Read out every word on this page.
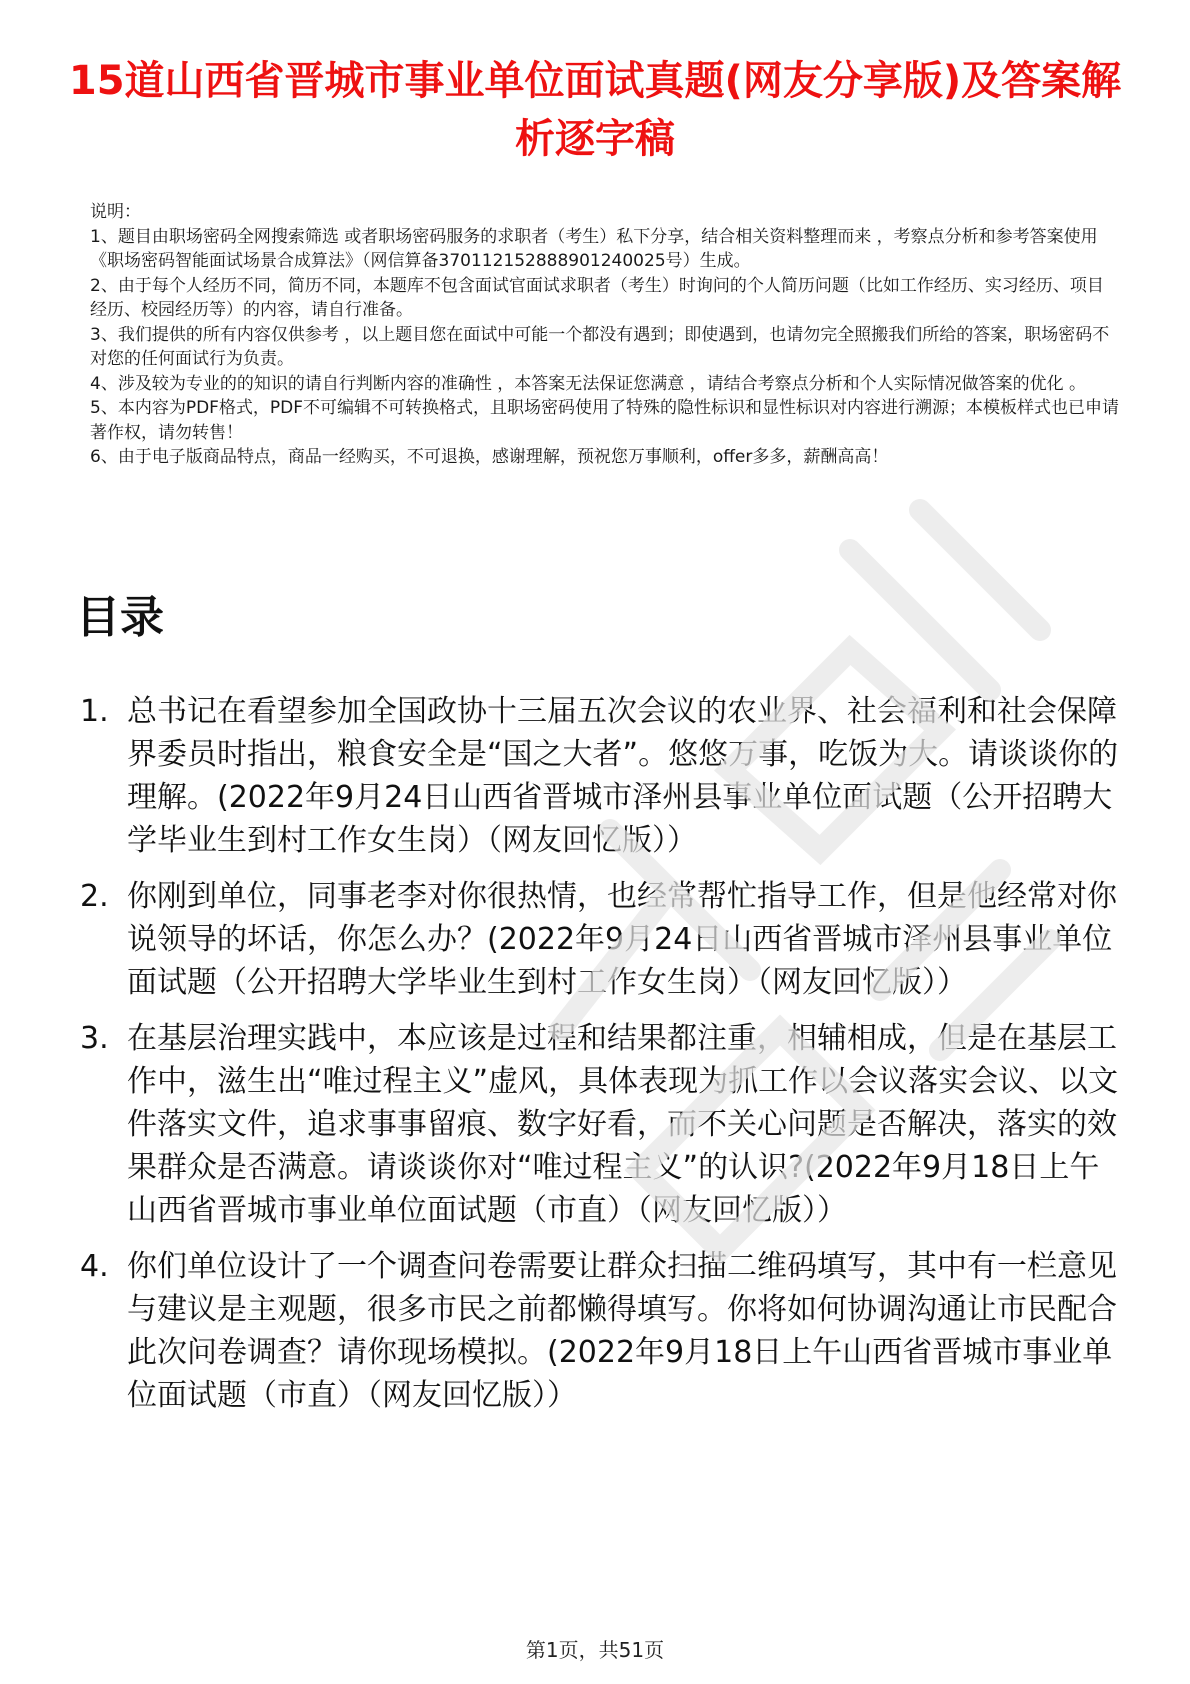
15道山西省晋城市事业单位面试真题(网友分享版)及答案解析逐字稿

说明：

1、题目由职场密码全网搜索筛选 或者职场密码服务的求职者（考生）私下分享，结合相关资料整理而来 ，考察点分析和参考答案使用《职场密码智能面试场景合成算法》（网信算备370112152888901240025号）生成。

2、由于每个人经历不同，简历不同，本题库不包含面试官面试求职者（考生）时询问的个人简历问题（比如工作经历、实习经历、项目经历、校园经历等）的内容，请自行准备。

3、我们提供的所有内容仅供参考 ，以上题目您在面试中可能一个都没有遇到；即使遇到，也请勿完全照搬我们所给的答案，职场密码不对您的任何面试行为负责。

4、涉及较为专业的的知识的请自行判断内容的准确性 ，本答案无法保证您满意 ，请结合考察点分析和个人实际情况做答案的优化 。

5、本内容为PDF格式，PDF不可编辑不可转换格式，且职场密码使用了特殊的隐性标识和显性标识对内容进行溯源；本模板样式也已申请著作权，请勿转售！

6、由于电子版商品特点，商品一经购买，不可退换，感谢理解，预祝您万事顺利，offer多多，薪酬高高！

目录
1. 总书记在看望参加全国政协十三届五次会议的农业界、社会福利和社会保障界委员时指出，粮食安全是“国之大者”。悠悠万事，吃饭为大。请谈谈你的理解。(2022年9月24日山西省晋城市泽州县事业单位面试题（公开招聘大学毕业生到村工作女生岗）（网友回忆版））
2. 你刚到单位，同事老李对你很热情，也经常帮忙指导工作，但是他经常对你说领导的坏话，你怎么办？(2022年9月24日山西省晋城市泽州县事业单位面试题（公开招聘大学毕业生到村工作女生岗）（网友回忆版））
3. 在基层治理实践中，本应该是过程和结果都注重，相辅相成，但是在基层工作中，滋生出“唯过程主义”虚风，具体表现为抓工作以会议落实会议、以文件落实文件，追求事事留痕、数字好看，而不关心问题是否解决，落实的效果群众是否满意。请谈谈你对“唯过程主义”的认识?(2022年9月18日上午山西省晋城市事业单位面试题（市直）（网友回忆版））
4. 你们单位设计了一个调查问卷需要让群众扫描二维码填写，其中有一栏意见与建议是主观题，很多市民之前都懒得填写。你将如何协调沟通让市民配合此次问卷调查？请你现场模拟。(2022年9月18日上午山西省晋城市事业单位面试题（市直）（网友回忆版））
第1页，共51页
